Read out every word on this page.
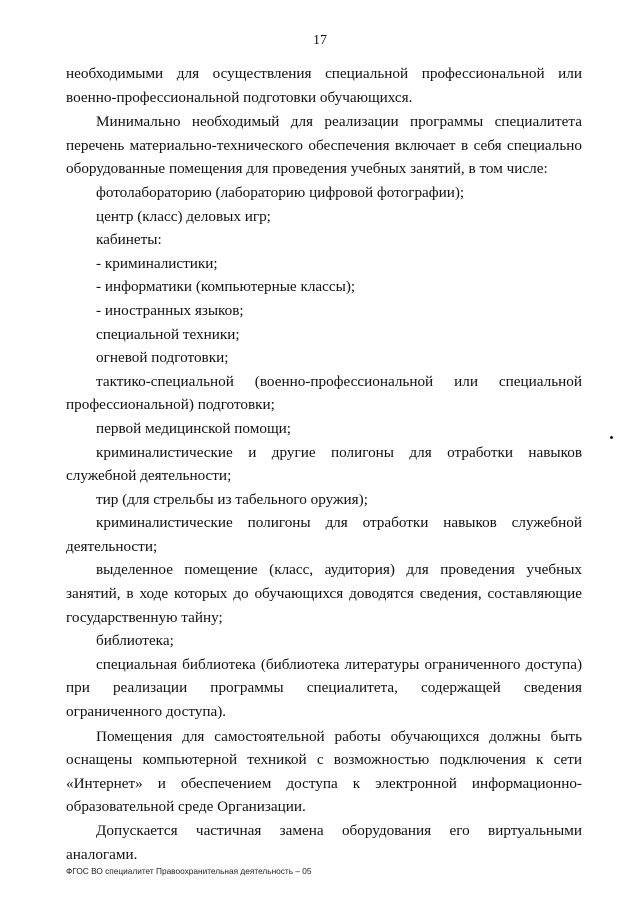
17

необходимыми для осуществления специальной профессиональной или военно-профессиональной подготовки обучающихся.

Минимально необходимый для реализации программы специалитета перечень материально-технического обеспечения включает в себя специально оборудованные помещения для проведения учебных занятий, в том числе:

фотолабораторию (лабораторию цифровой фотографии);

центр (класс) деловых игр;

кабинеты:

- криминалистики;

- информатики (компьютерные классы);

- иностранных языков;

специальной техники;

огневой подготовки;

тактико-специальной (военно-профессиональной или специальной профессиональной) подготовки;

первой медицинской помощи;

криминалистические и другие полигоны для отработки навыков служебной деятельности;

тир (для стрельбы из табельного оружия);

криминалистические полигоны для отработки навыков служебной деятельности;

выделенное помещение (класс, аудитория) для проведения учебных занятий, в ходе которых до обучающихся доводятся сведения, составляющие государственную тайну;

библиотека;

специальная библиотека (библиотека литературы ограниченного доступа) при реализации программы специалитета, содержащей сведения ограниченного доступа).

Помещения для самостоятельной работы обучающихся должны быть оснащены компьютерной техникой с возможностью подключения к сети «Интернет» и обеспечением доступа к электронной информационно-образовательной среде Организации.

Допускается частичная замена оборудования его виртуальными аналогами.

ФГОС ВО специалитет Правоохранительная деятельность – 05
